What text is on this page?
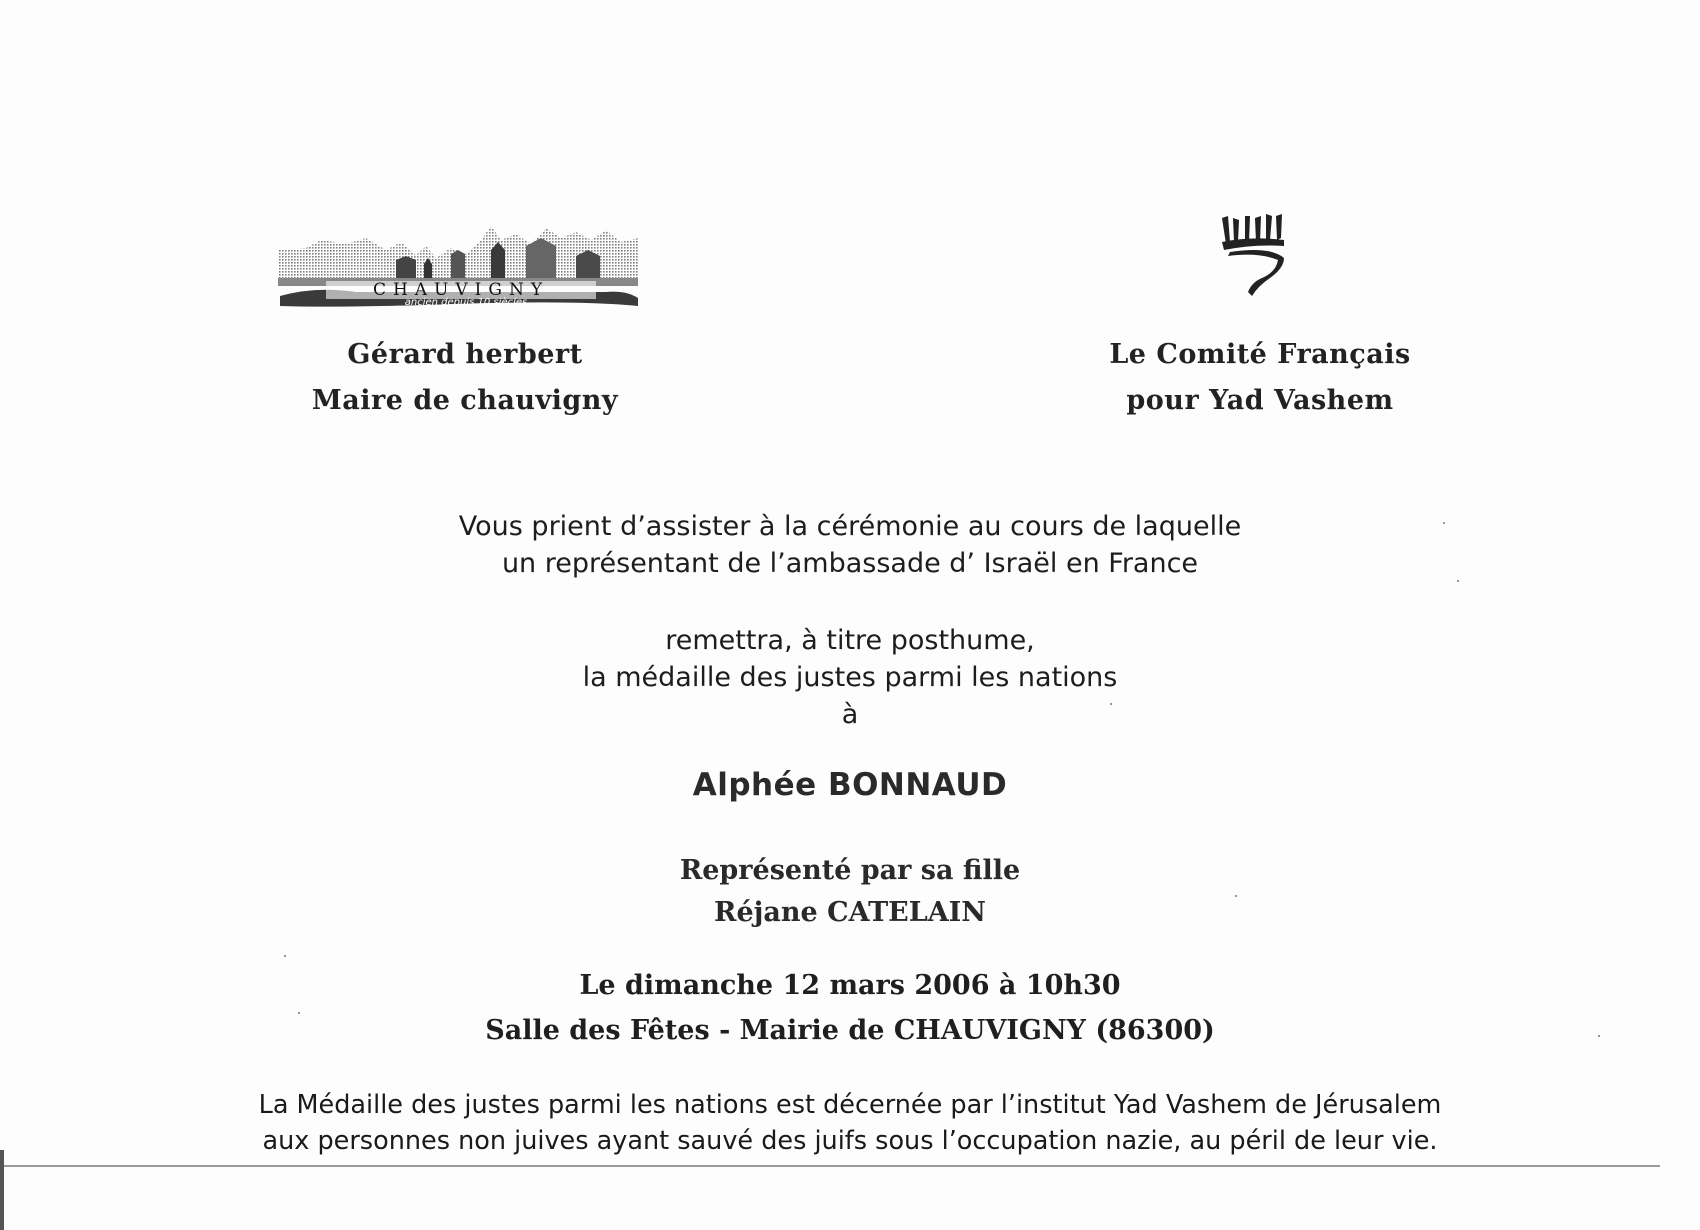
CHAUVIGNY
ancien depuis 10 siècles
Gérard herbert
Maire de chauvigny
Le Comité Français
pour Yad Vashem
Vous prient d’assister à la cérémonie au cours de laquelle
un représentant de l’ambassade d’ Israël en France
remettra, à titre posthume,
la médaille des justes parmi les nations
à
Alphée BONNAUD
Représenté par sa fille
Réjane CATELAIN
Le dimanche 12 mars 2006 à 10h30
Salle des Fêtes - Mairie de CHAUVIGNY (86300)
La Médaille des justes parmi les nations est décernée par l’institut Yad Vashem de Jérusalem
aux personnes non juives ayant sauvé des juifs sous l’occupation nazie, au péril de leur vie.
